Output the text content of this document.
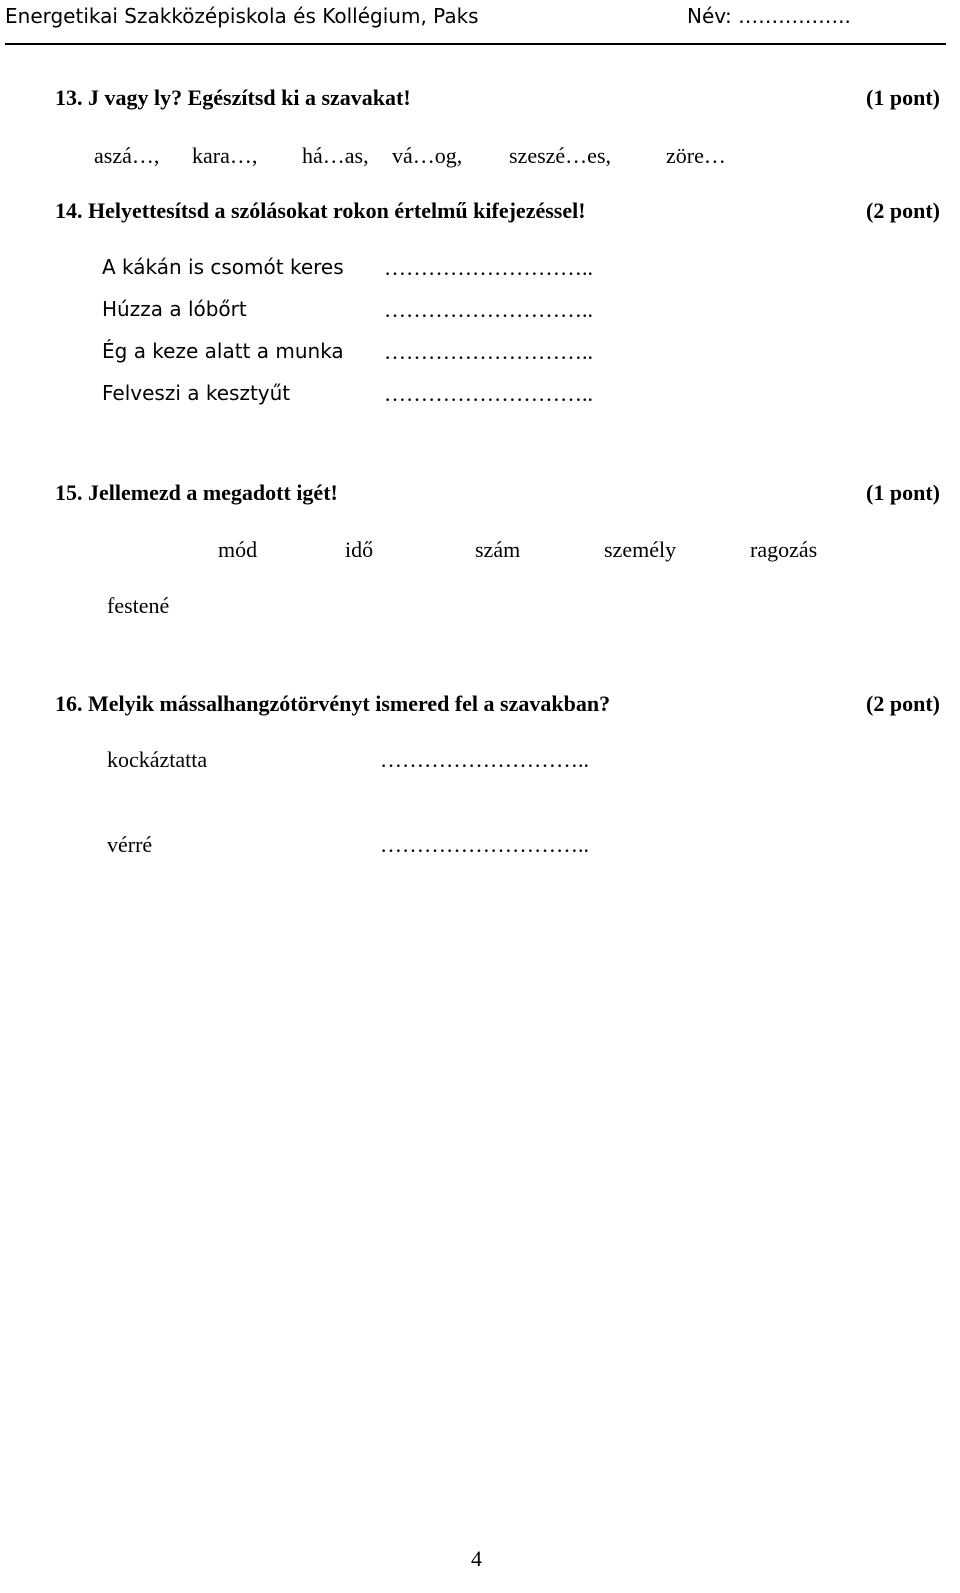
Energetikai Szakközépiskola és Kollégium, Paks	Név: ……………..
13. J vagy ly? Egészítsd ki a szavakat!	(1 pont)
aszá…, kara…, há…as, vá…og, szeszé…es, zöre…
14. Helyettesítsd a szólásokat rokon értelmű kifejezéssel!	(2 pont)
A kákán is csomót keres ………………………..
Húzza a lóbőrt	………………………..
Ég a keze alatt a munka ………………………..
Felveszi a kesztyűt	………………………..
15. Jellemezd a megadott igét!	(1 pont)
mód	idő	szám	személy	ragozás
festené
16. Melyik mássalhangzótörvényt ismered fel a szavakban?	(2 pont)
kockáztatta	………………………..
vérré	………………………..
4
